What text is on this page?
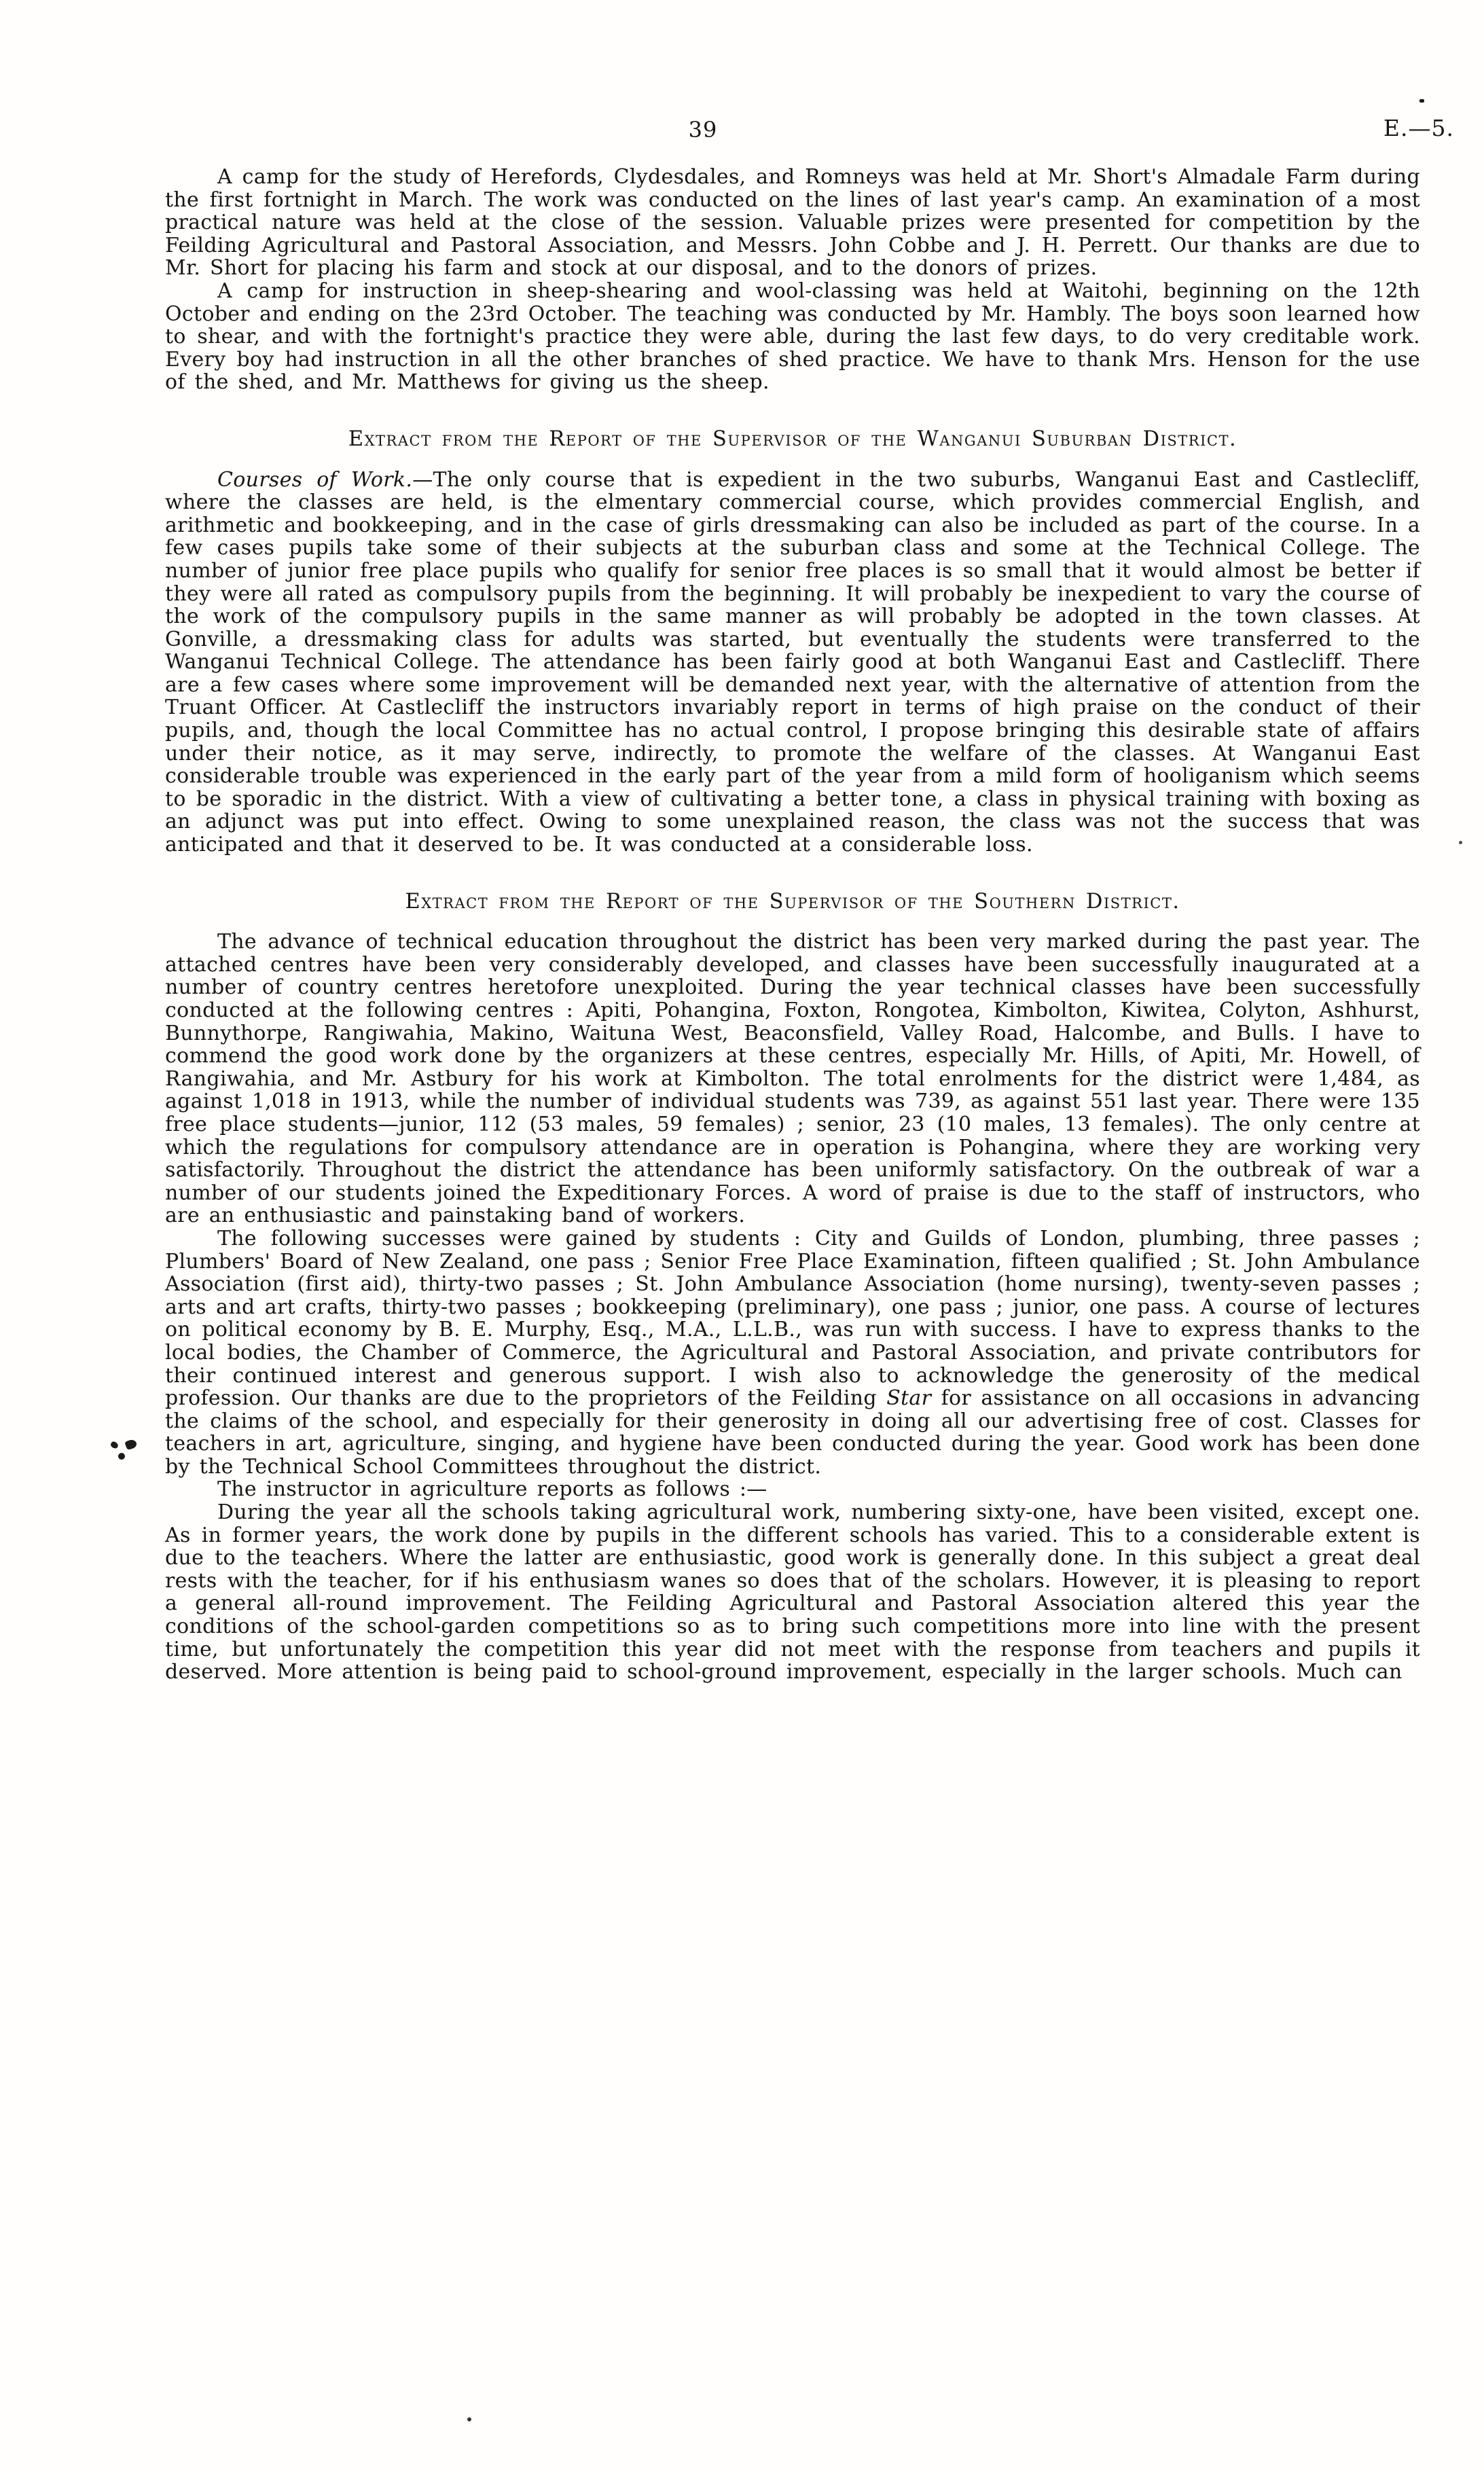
39	E.—5.

A camp for the study of Herefords, Clydesdales, and Romneys was held at Mr. Short's Almadale Farm during the first fortnight in March. The work was conducted on the lines of last year's camp. An examination of a most practical nature was held at the close of the session. Valuable prizes were presented for competition by the Feilding Agricultural and Pastoral Association, and Messrs. John Cobbe and J. H. Perrett. Our thanks are due to Mr. Short for placing his farm and stock at our disposal, and to the donors of prizes.

A camp for instruction in sheep-shearing and wool-classing was held at Waitohi, beginning on the 12th October and ending on the 23rd October. The teaching was conducted by Mr. Hambly. The boys soon learned how to shear, and with the fortnight's practice they were able, during the last few days, to do very creditable work. Every boy had instruction in all the other branches of shed practice. We have to thank Mrs. Henson for the use of the shed, and Mr. Matthews for giving us the sheep.

Extract from the Report of the Supervisor of the Wanganui Suburban District.

Courses of Work.—The only course that is expedient in the two suburbs, Wanganui East and Castlecliff, where the classes are held, is the elmentary commercial course, which provides commercial English, and arithmetic and bookkeeping, and in the case of girls dressmaking can also be included as part of the course. In a few cases pupils take some of their subjects at the suburban class and some at the Technical College. The number of junior free place pupils who qualify for senior free places is so small that it would almost be better if they were all rated as compulsory pupils from the beginning. It will probably be inexpedient to vary the course of the work of the compulsory pupils in the same manner as will probably be adopted in the town classes. At Gonville, a dressmaking class for adults was started, but eventually the students were transferred to the Wanganui Technical College. The attendance has been fairly good at both Wanganui East and Castlecliff. There are a few cases where some improvement will be demanded next year, with the alternative of attention from the Truant Officer. At Castlecliff the instructors invariably report in terms of high praise on the conduct of their pupils, and, though the local Committee has no actual control, I propose bringing this desirable state of affairs under their notice, as it may serve, indirectly, to promote the welfare of the classes. At Wanganui East considerable trouble was experienced in the early part of the year from a mild form of hooliganism which seems to be sporadic in the district. With a view of cultivating a better tone, a class in physical training with boxing as an adjunct was put into effect. Owing to some unexplained reason, the class was not the success that was anticipated and that it deserved to be. It was conducted at a considerable loss.

Extract from the Report of the Supervisor of the Southern District.

The advance of technical education throughout the district has been very marked during the past year. The attached centres have been very considerably developed, and classes have been successfully inaugurated at a number of country centres heretofore unexploited. During the year technical classes have been successfully conducted at the following centres : Apiti, Pohangina, Foxton, Rongotea, Kimbolton, Kiwitea, Colyton, Ashhurst, Bunnythorpe, Rangiwahia, Makino, Waituna West, Beaconsfield, Valley Road, Halcombe, and Bulls. I have to commend the good work done by the organizers at these centres, especially Mr. Hills, of Apiti, Mr. Howell, of Rangiwahia, and Mr. Astbury for his work at Kimbolton. The total enrolments for the district were 1,484, as against 1,018 in 1913, while the number of individual students was 739, as against 551 last year. There were 135 free place students—junior, 112 (53 males, 59 females) ; senior, 23 (10 males, 13 females). The only centre at which the regulations for compulsory attendance are in operation is Pohangina, where they are working very satisfactorily. Throughout the district the attendance has been uniformly satisfactory. On the outbreak of war a number of our students joined the Expeditionary Forces. A word of praise is due to the staff of instructors, who are an enthusiastic and painstaking band of workers.

The following successes were gained by students : City and Guilds of London, plumbing, three passes ; Plumbers' Board of New Zealand, one pass ; Senior Free Place Examination, fifteen qualified ; St. John Ambulance Association (first aid), thirty-two passes ; St. John Ambulance Association (home nursing), twenty-seven passes ; arts and art crafts, thirty-two passes ; bookkeeping (preliminary), one pass ; junior, one pass. A course of lectures on political economy by B. E. Murphy, Esq., M.A., L.L.B., was run with success. I have to express thanks to the local bodies, the Chamber of Commerce, the Agricultural and Pastoral Association, and private contributors for their continued interest and generous support. I wish also to acknowledge the generosity of the medical profession. Our thanks are due to the proprietors of the Feilding Star for assistance on all occasions in advancing the claims of the school, and especially for their generosity in doing all our advertising free of cost. Classes for teachers in art, agriculture, singing, and hygiene have been conducted during the year. Good work has been done by the Technical School Committees throughout the district.

The instructor in agriculture reports as follows :—

During the year all the schools taking agricultural work, numbering sixty-one, have been visited, except one. As in former years, the work done by pupils in the different schools has varied. This to a considerable extent is due to the teachers. Where the latter are enthusiastic, good work is generally done. In this subject a great deal rests with the teacher, for if his enthusiasm wanes so does that of the scholars. However, it is pleasing to report a general all-round improvement. The Feilding Agricultural and Pastoral Association altered this year the conditions of the school-garden competitions so as to bring such competitions more into line with the present time, but unfortunately the competition this year did not meet with the response from teachers and pupils it deserved. More attention is being paid to school-ground improvement, especially in the larger schools. Much can
